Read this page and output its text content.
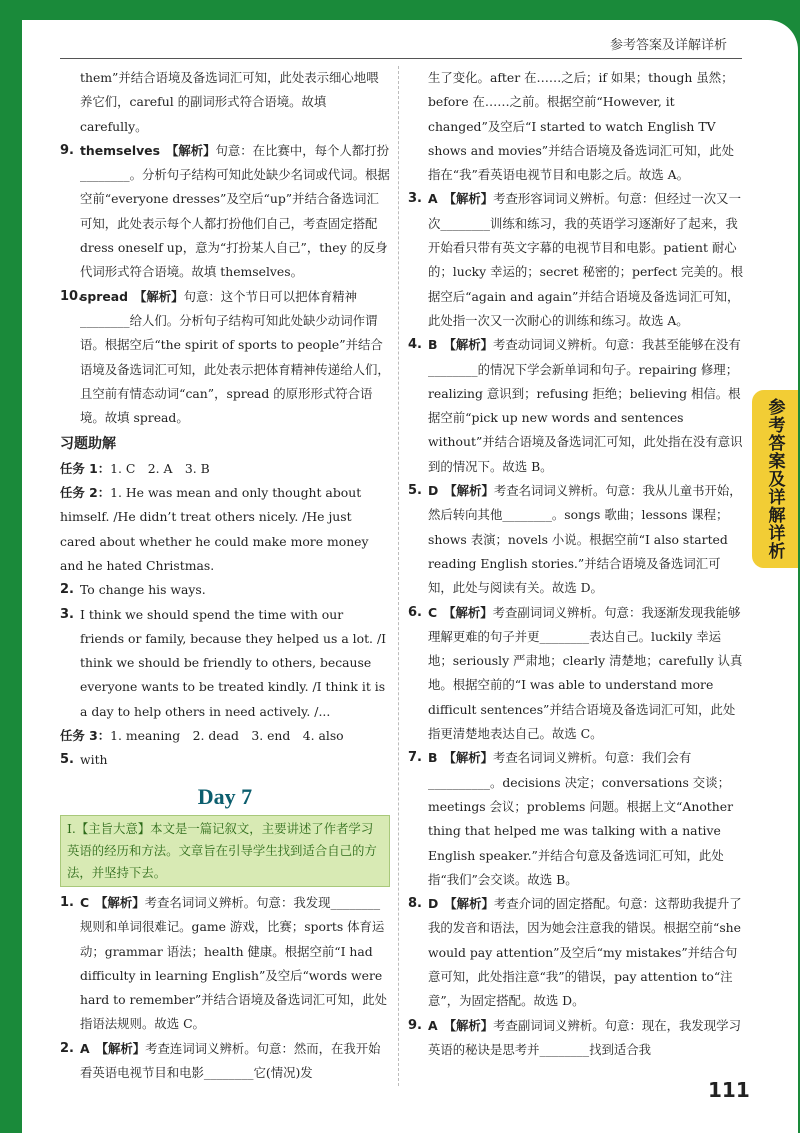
参考答案及详解详析

them”并结合语境及备选词汇可知，此处表示细心地喂养它们，careful 的副词形式符合语境。故填 carefully。

9. themselves 【解析】句意：在比赛中，每个人都打扮________。分析句子结构可知此处缺少名词或代词。根据空前“everyone dresses”及空后“up”并结合备选词汇可知，此处表示每个人都打扮他们自己，考查固定搭配 dress oneself up，意为“打扮某人自己”，they 的反身代词形式符合语境。故填 themselves。
10.
spread 【解析】句意：这个节日可以把体育精神________给人们。分析句子结构可知此处缺少动词作谓语。根据空后“the spirit of sports to people”并结合语境及备选词汇可知，此处表示把体育精神传递给人们，且空前有情态动词“can”，spread 的原形形式符合语境。故填 spread。
习题助解

任务 1：1. C　2. A　3. B

任务 2：1. He was mean and only thought about himself. /He didn’t treat others nicely. /He just cared about whether he could make more money and he hated Christmas.

2. To change his ways.
3. I think we should spend the time with our friends or family, because they helped us a lot. /I think we should be friendly to others, because everyone wants to be treated kindly. /I think it is a day to help others in need actively. /...

任务 3：1. meaning　2. dead　3. end　4. also

5. with
Day 7
Ⅰ.【主旨大意】本文是一篇记叙文，主要讲述了作者学习英语的经历和方法。文章旨在引导学生找到适合自己的方法，并坚持下去。
1. C 【解析】考查名词词义辨析。句意：我发现________规则和单词很难记。game 游戏，比赛；sports 体育运动；grammar 语法；health 健康。根据空前“I had difficulty in learning English”及空后“words were hard to remember”并结合语境及备选词汇可知，此处指语法规则。故选 C。
2. A 【解析】考查连词词义辨析。句意：然而，在我开始看英语电视节目和电影________它(情况)发

生了变化。after 在……之后；if 如果；though 虽然；before 在……之前。根据空前“However, it changed”及空后“I started to watch English TV shows and movies”并结合语境及备选词汇可知，此处指在“我”看英语电视节目和电影之后。故选 A。

3. A 【解析】考查形容词词义辨析。句意：但经过一次又一次________训练和练习，我的英语学习逐渐好了起来，我开始看只带有英文字幕的电视节目和电影。patient 耐心的；lucky 幸运的；secret 秘密的；perfect 完美的。根据空后“again and again”并结合语境及备选词汇可知，此处指一次又一次耐心的训练和练习。故选 A。
4. B 【解析】考查动词词义辨析。句意：我甚至能够在没有________的情况下学会新单词和句子。repairing 修理；realizing 意识到；refusing 拒绝；believing 相信。根据空前“pick up new words and sentences without”并结合语境及备选词汇可知，此处指在没有意识到的情况下。故选 B。
5. D 【解析】考查名词词义辨析。句意：我从儿童书开始，然后转向其他________。songs 歌曲；lessons 课程；shows 表演；novels 小说。根据空前“I also started reading English stories.”并结合语境及备选词汇可知，此处与阅读有关。故选 D。
6. C 【解析】考查副词词义辨析。句意：我逐渐发现我能够理解更难的句子并更________表达自己。luckily 幸运地；seriously 严肃地；clearly 清楚地；carefully 认真地。根据空前的“I was able to understand more difficult sentences”并结合语境及备选词汇可知，此处指更清楚地表达自己。故选 C。
7. B 【解析】考查名词词义辨析。句意：我们会有__________。decisions 决定；conversations 交谈；meetings 会议；problems 问题。根据上文“Another thing that helped me was talking with a native English speaker.”并结合句意及备选词汇可知，此处指“我们”会交谈。故选 B。
8. D 【解析】考查介词的固定搭配。句意：这帮助我提升了我的发音和语法，因为她会注意我的错误。根据空前“she would pay attention”及空后“my mistakes”并结合句意可知，此处指注意“我”的错误，pay attention to“注意”，为固定搭配。故选 D。
9. A 【解析】考查副词词义辨析。句意：现在，我发现学习英语的秘诀是思考并________找到适合我
参考答案及详解详析
111
